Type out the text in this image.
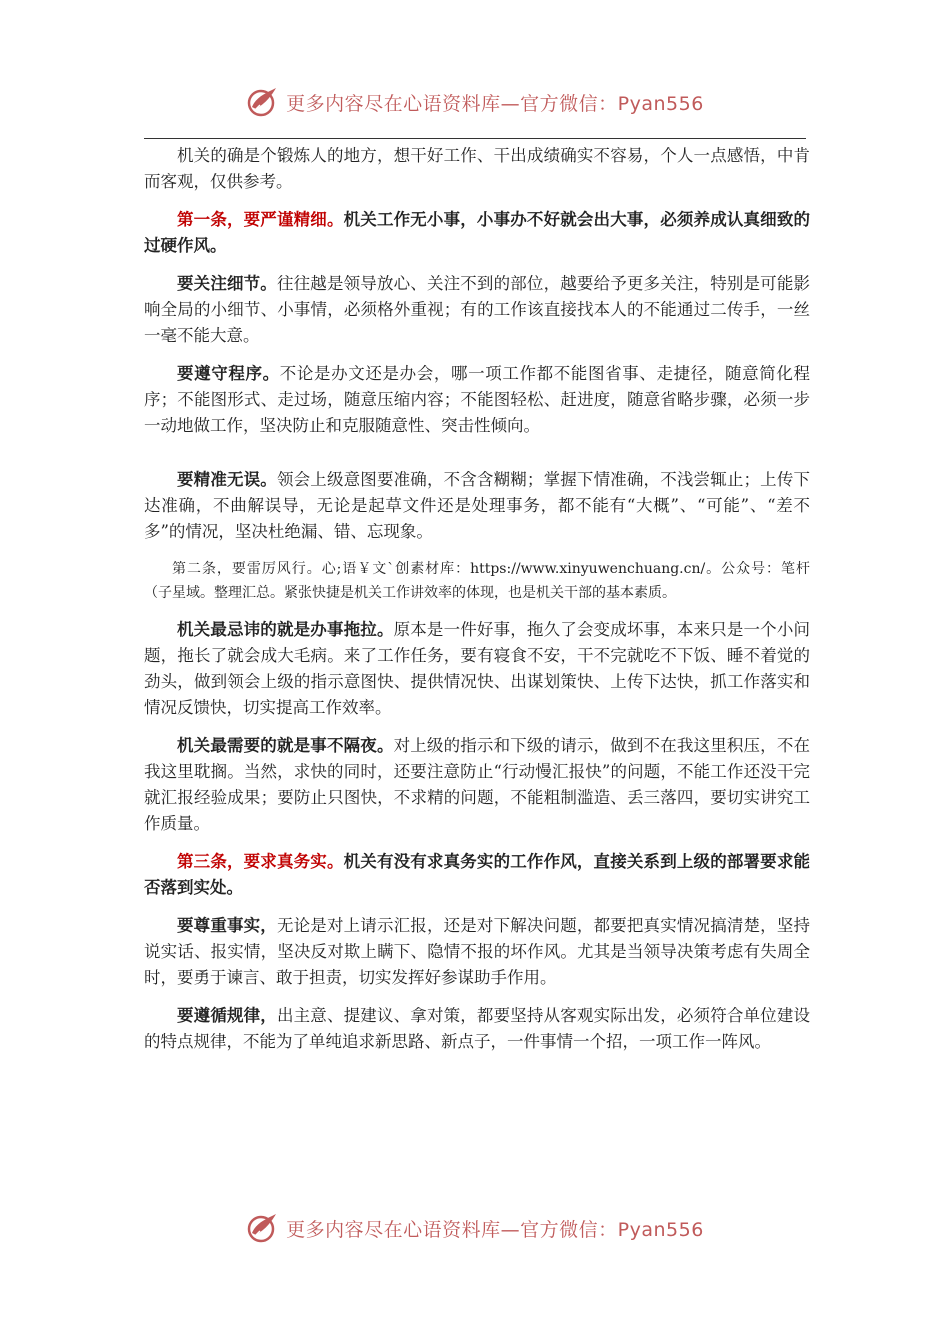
更多内容尽在心语资料库—官方微信：Pyan556

机关的确是个锻炼人的地方，想干好工作、干出成绩确实不容易，个人一点感悟，中肯而客观，仅供参考。

第一条，要严谨精细。机关工作无小事，小事办不好就会出大事，必须养成认真细致的过硬作风。

要关注细节。往往越是领导放心、关注不到的部位，越要给予更多关注，特别是可能影响全局的小细节、小事情，必须格外重视；有的工作该直接找本人的不能通过二传手，一丝一毫不能大意。

要遵守程序。不论是办文还是办会，哪一项工作都不能图省事、走捷径，随意简化程序；不能图形式、走过场，随意压缩内容；不能图轻松、赶进度，随意省略步骤，必须一步一动地做工作，坚决防止和克服随意性、突击性倾向。

要精准无误。领会上级意图要准确，不含含糊糊；掌握下情准确，不浅尝辄止；上传下达准确，不曲解误导，无论是起草文件还是处理事务，都不能有“大概”、“可能”、“差不多”的情况，坚决杜绝漏、错、忘现象。

第二条，要雷厉风行。心;语￥文`创素材库：https://www.xinyuwenchuang.cn/。公众号：笔杆（子星域。整理汇总。紧张快捷是机关工作讲效率的体现，也是机关干部的基本素质。

机关最忌讳的就是办事拖拉。原本是一件好事，拖久了会变成坏事，本来只是一个小问题，拖长了就会成大毛病。来了工作任务，要有寝食不安，干不完就吃不下饭、睡不着觉的劲头，做到领会上级的指示意图快、提供情况快、出谋划策快、上传下达快，抓工作落实和情况反馈快，切实提高工作效率。

机关最需要的就是事不隔夜。对上级的指示和下级的请示，做到不在我这里积压，不在我这里耽搁。当然，求快的同时，还要注意防止“行动慢汇报快”的问题，不能工作还没干完就汇报经验成果；要防止只图快，不求精的问题，不能粗制滥造、丢三落四，要切实讲究工作质量。

第三条，要求真务实。机关有没有求真务实的工作作风，直接关系到上级的部署要求能否落到实处。

要尊重事实，无论是对上请示汇报，还是对下解决问题，都要把真实情况搞清楚，坚持说实话、报实情，坚决反对欺上瞒下、隐情不报的坏作风。尤其是当领导决策考虑有失周全时，要勇于谏言、敢于担责，切实发挥好参谋助手作用。

要遵循规律，出主意、提建议、拿对策，都要坚持从客观实际出发，必须符合单位建设的特点规律，不能为了单纯追求新思路、新点子，一件事情一个招，一项工作一阵风。

更多内容尽在心语资料库—官方微信：Pyan556
